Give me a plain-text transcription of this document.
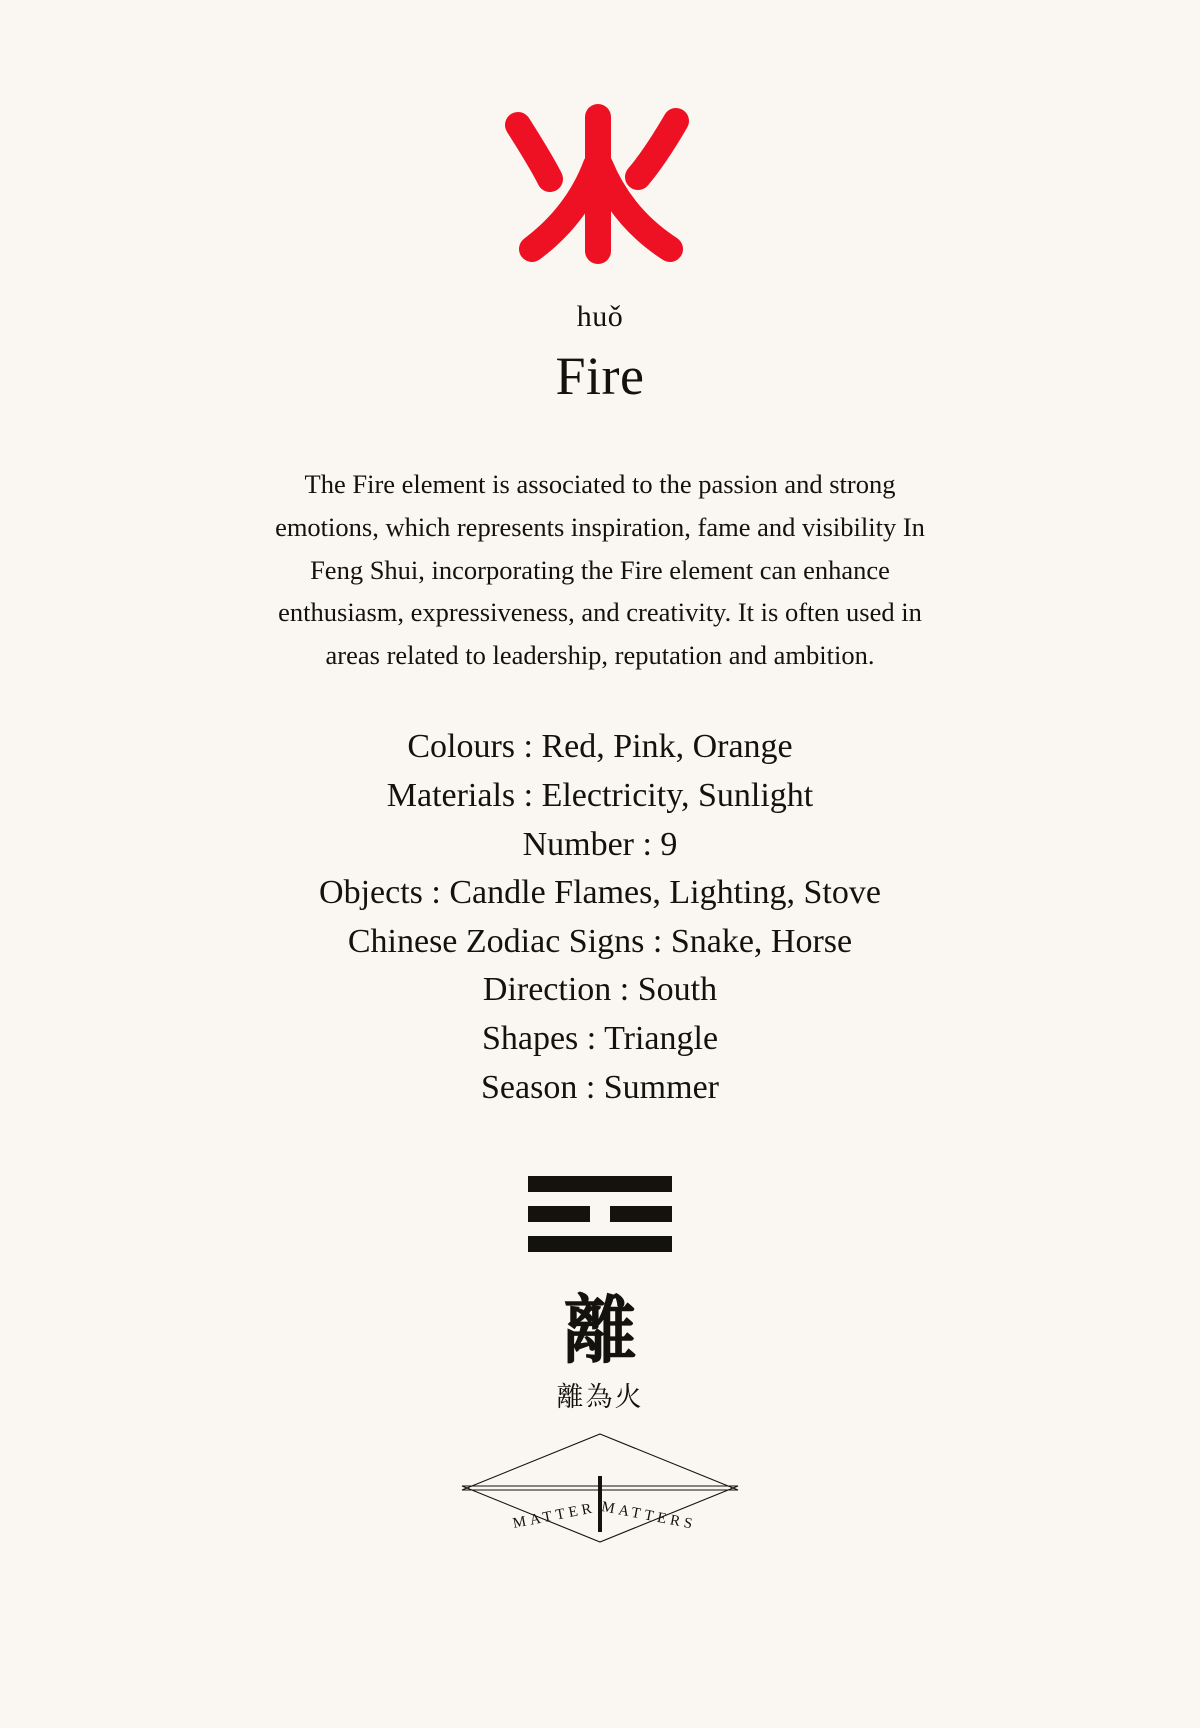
huǒ
Fire
The Fire element is associated to the passion and strong emotions, which represents inspiration, fame and visibility In Feng Shui, incorporating the Fire element can enhance enthusiasm, expressiveness, and creativity. It is often used in areas related to leadership, reputation and ambition.
Colours : Red, Pink, Orange
Materials : Electricity, Sunlight
Number : 9
Objects : Candle Flames, Lighting, Stove
Chinese Zodiac Signs : Snake, Horse
Direction : South
Shapes : Triangle
Season : Summer
離
離為火
MATTER MATTERS
